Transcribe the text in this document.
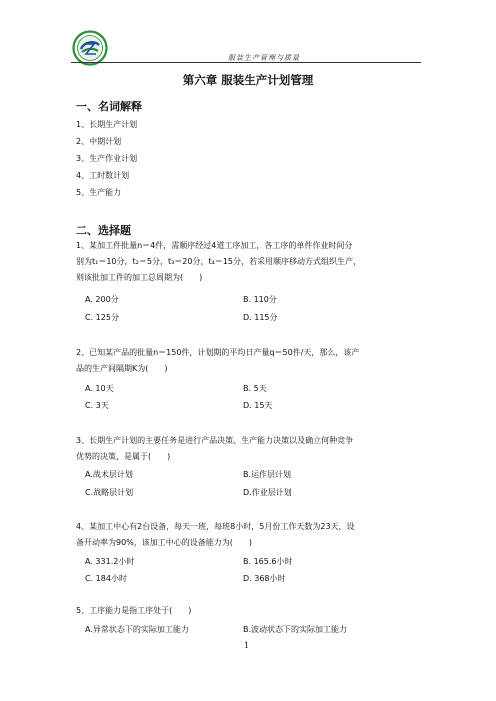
服装生产管理与质量
第六章 服装生产计划管理
一、名词解释
1、长期生产计划
2、中期计划
3、生产作业计划
4、工时数计划
5、生产能力
二、选择题
1、某加工件批量n＝4件，需顺序经过4道工序加工，各工序的单件作业时间分
别为t₁＝10分，t₂＝5分，t₃＝20分，t₄＝15分，若采用顺序移动方式组织生产，
则该批加工件的加工总周期为(　　)
A. 200分	B. 110分
C. 125分	D. 115分
2、已知某产品的批量n＝150件，计划期的平均日产量q＝50件/天，那么，该产
品的生产间隔期K为(　　)
A. 10天	B. 5天
C. 3天	D. 15天
3、长期生产计划的主要任务是进行产品决策、生产能力决策以及确立何种竞争
优势的决策，是属于(　　)
A.战术层计划	B.运作层计划
C.战略层计划	D.作业层计划
4、某加工中心有2台设备，每天一班，每班8小时，5月份工作天数为23天，设
备开动率为90%，该加工中心的设备能力为(　　)
A. 331.2小时	B. 165.6小时
C. 184小时	D. 368小时
5、工序能力是指工序处于(　　)
A.异常状态下的实际加工能力	B.波动状态下的实际加工能力
1
